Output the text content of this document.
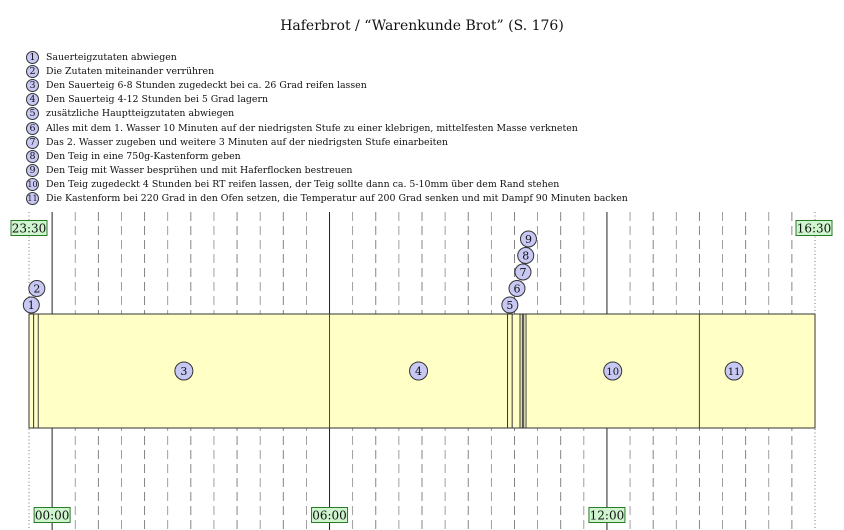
Haferbrot / “Warenkunde Brot” (S. 176)
1	Sauerteigzutaten abwiegen
2	Die Zutaten miteinander verrühren
3	Den Sauerteig 6-8 Stunden zugedeckt bei ca. 26 Grad reifen lassen
4	Den Sauerteig 4-12 Stunden bei 5 Grad lagern
5	zusätzliche Hauptteigzutaten abwiegen
6	Alles mit dem 1. Wasser 10 Minuten auf der niedrigsten Stufe zu einer klebrigen, mittelfesten Masse verkneten
7	Das 2. Wasser zugeben und weitere 3 Minuten auf der niedrigsten Stufe einarbeiten
8	Den Teig in eine 750g-Kastenform geben
9	Den Teig mit Wasser besprühen und mit Haferflocken bestreuen
10 Den Teig zugedeckt 4 Stunden bei RT reifen lassen, der Teig sollte dann ca. 5-10mm über dem Rand stehen
11 Die Kastenform bei 220 Grad in den Ofen setzen, die Temperatur auf 200 Grad senken und mit Dampf 90 Minuten backen
3	4	10	11
1
2
5
6
7
8
9
23:30	16:30
00:00	06:00	12:00
